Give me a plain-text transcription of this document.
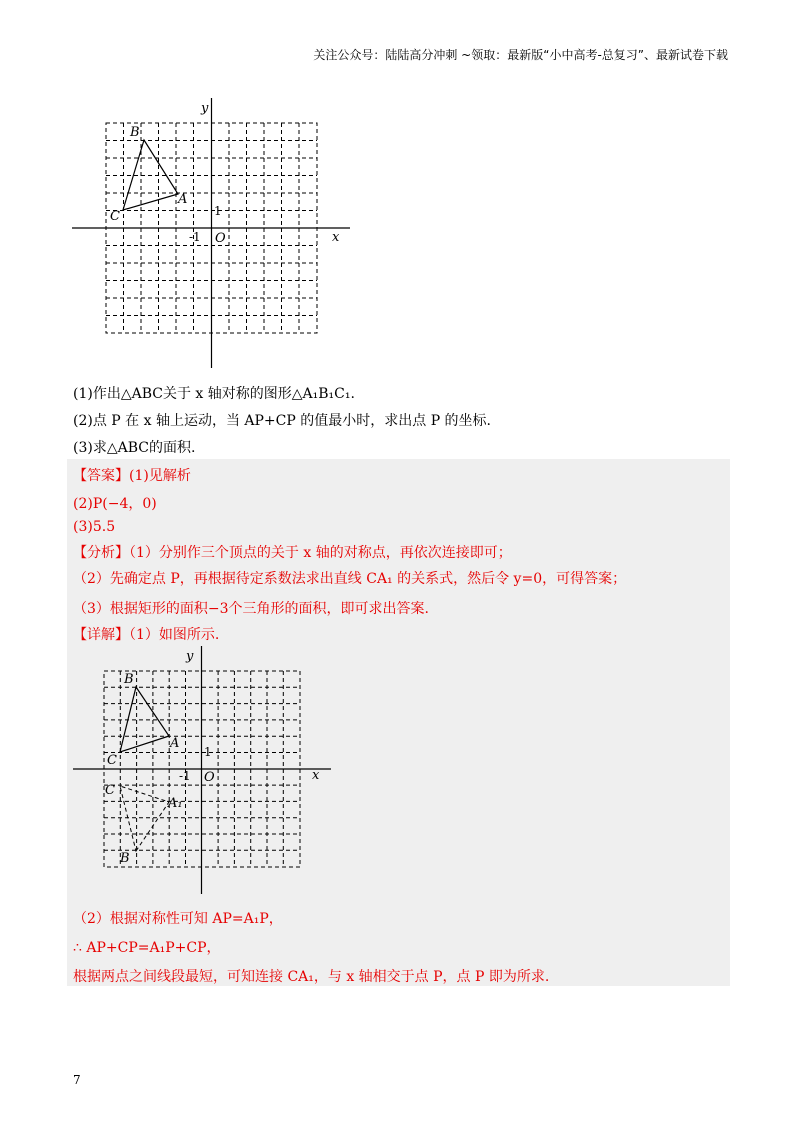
关注公众号：陆陆高分冲刺 ~领取：最新版“小中高考-总复习”、最新试卷下载
y
x
O
-1
1
B
A
C
(1)作出△ABC关于 x 轴对称的图形△A₁B₁C₁.
(2)点 P 在 x 轴上运动，当 AP+CP 的值最小时，求出点 P 的坐标.
(3)求△ABC的面积.
【答案】(1)见解析
(2)P(−4，0)
(3)5.5
【分析】（1）分别作三个顶点的关于 x 轴的对称点，再依次连接即可；
（2）先确定点 P，再根据待定系数法求出直线 CA₁ 的关系式，然后令 y=0，可得答案；
（3）根据矩形的面积−3个三角形的面积，即可求出答案.
【详解】（1）如图所示.
y
x
O
-1
1
B
A
C
C
A₁
B
（2）根据对称性可知 AP=A₁P，
∴ AP+CP=A₁P+CP，
根据两点之间线段最短，可知连接 CA₁，与 x 轴相交于点 P，点 P 即为所求.
7
